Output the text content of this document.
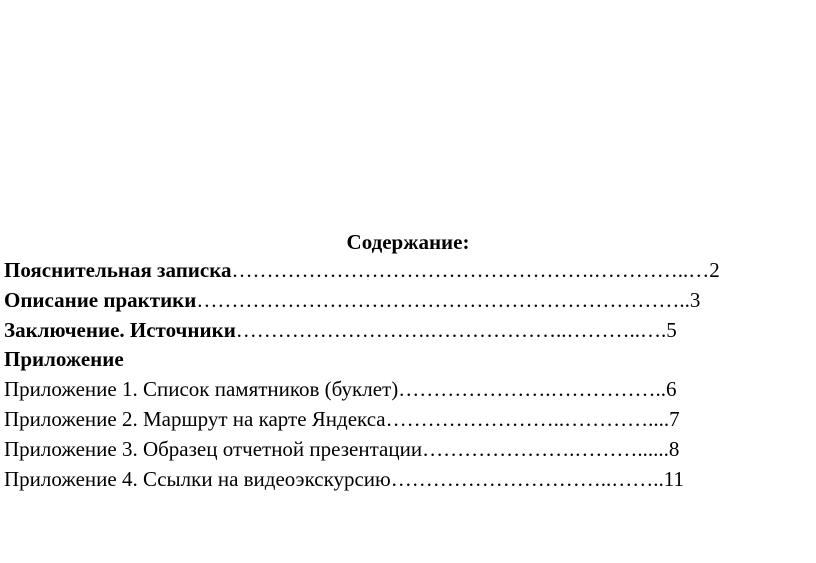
Содержание:
Пояснительная записка…………………………………………….…………..…2
Описание практики……………………………………………………………..3
Заключение. Источники……………………….………………..………..….5
Приложение
Приложение 1. Список памятников (буклет)………………….……………..6
Приложение 2. Маршрут на карте Яндекса……………………..…………....7
Приложение 3. Образец отчетной презентации………………….………......8
Приложение 4. Ссылки на видеоэкскурсию…………………………..……..11
